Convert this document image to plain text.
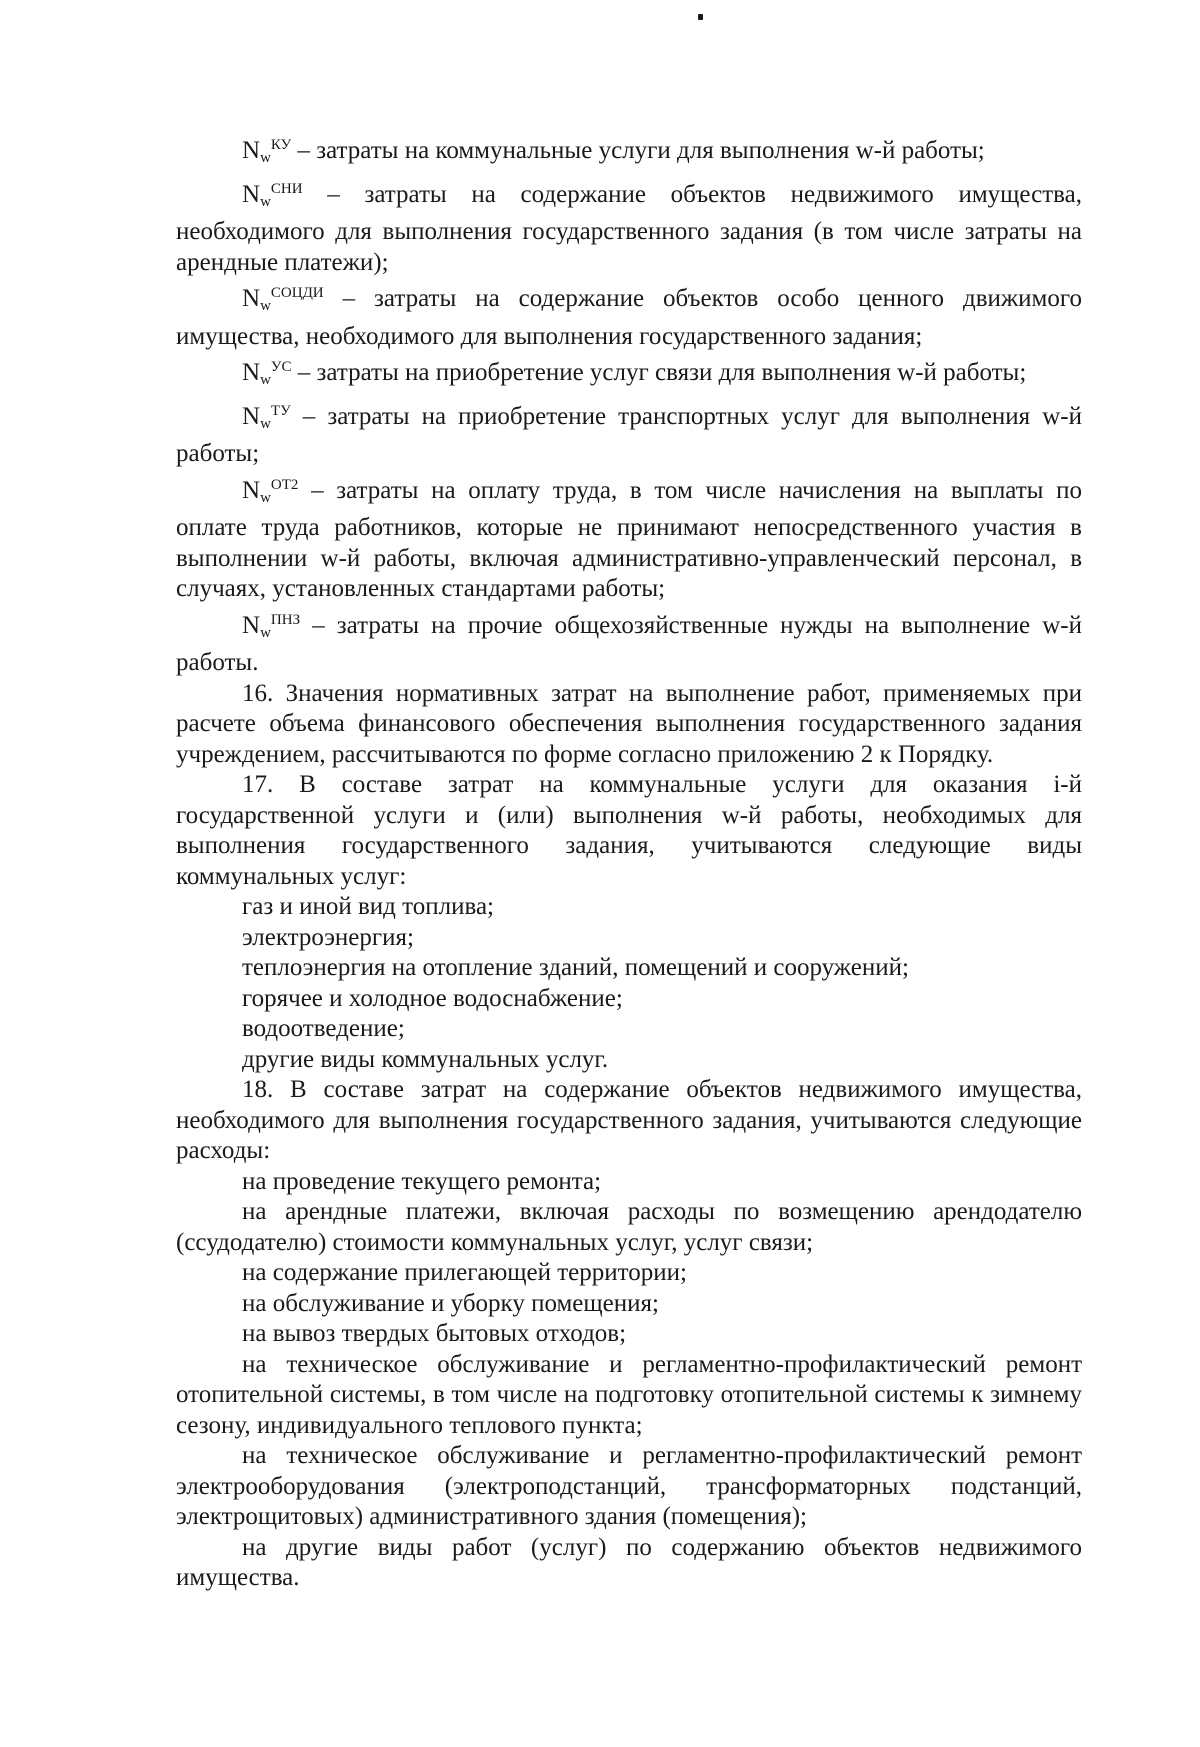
$N_w^{КУ}$ – затраты на коммунальные услуги для выполнения w-й работы;

$N_w^{СНИ}$ – затраты на содержание объектов недвижимого имущества, необходимого для выполнения государственного задания (в том числе затраты на арендные платежи);

$N_w^{СОЦДИ}$ – затраты на содержание объектов особо ценного движимого имущества, необходимого для выполнения государственного задания;

$N_w^{УС}$ – затраты на приобретение услуг связи для выполнения w-й работы;

$N_w^{ТУ}$ – затраты на приобретение транспортных услуг для выполнения w-й работы;

$N_w^{ОТ2}$ – затраты на оплату труда, в том числе начисления на выплаты по оплате труда работников, которые не принимают непосредственного участия в выполнении w-й работы, включая административно-управленческий персонал, в случаях, установленных стандартами работы;

$N_w^{ПНЗ}$ – затраты на прочие общехозяйственные нужды на выполнение w-й работы.

16. Значения нормативных затрат на выполнение работ, применяемых при расчете объема финансового обеспечения выполнения государственного задания учреждением, рассчитываются по форме согласно приложению 2 к Порядку.

17. В составе затрат на коммунальные услуги для оказания i-й государственной услуги и (или) выполнения w-й работы, необходимых для выполнения государственного задания, учитываются следующие виды коммунальных услуг:

газ и иной вид топлива;

электроэнергия;

теплоэнергия на отопление зданий, помещений и сооружений;

горячее и холодное водоснабжение;

водоотведение;

другие виды коммунальных услуг.

18. В составе затрат на содержание объектов недвижимого имущества, необходимого для выполнения государственного задания, учитываются следующие расходы:

на проведение текущего ремонта;

на арендные платежи, включая расходы по возмещению арендодателю (ссудодателю) стоимости коммунальных услуг, услуг связи;

на содержание прилегающей территории;

на обслуживание и уборку помещения;

на вывоз твердых бытовых отходов;

на техническое обслуживание и регламентно-профилактический ремонт отопительной системы, в том числе на подготовку отопительной системы к зимнему сезону, индивидуального теплового пункта;

на техническое обслуживание и регламентно-профилактический ремонт электрооборудования (электроподстанций, трансформаторных подстанций, электрощитовых) административного здания (помещения);

на другие виды работ (услуг) по содержанию объектов недвижимого имущества.
